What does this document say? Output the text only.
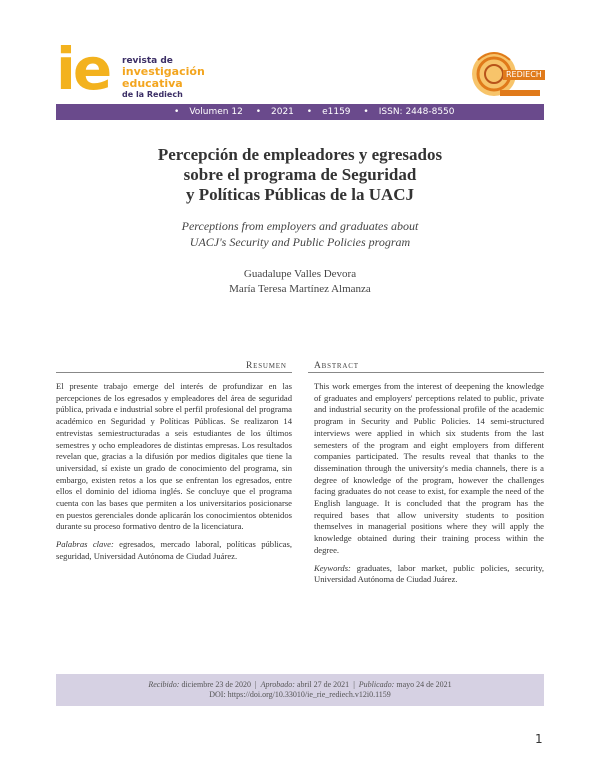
ie revista de
investigación
educativa
de la Rediech
REDIECH
• Volumen 12 • 2021 • e1159 • ISSN: 2448-8550
Percepción de empleadores y egresados
sobre el programa de Seguridad
y Políticas Públicas de la UACJ
Perceptions from employers and graduates about
UACJ's Security and Public Policies program
Guadalupe Valles Devora
María Teresa Martínez Almanza
Resumen
El presente trabajo emerge del interés de profundizar en las percepciones de los egresados y empleadores del área de seguridad pública, privada e industrial sobre el perfil profesional del programa académico en Seguridad y Políticas Públicas. Se realizaron 14 entrevistas semiestructuradas a seis estudiantes de los últimos semestres y ocho empleadores de distintas empresas. Los resultados revelan que, gracias a la difusión por medios digitales que tiene la universidad, sí existe un grado de conocimiento del programa, sin embargo, existen retos a los que se enfrentan los egresados, entre ellos el dominio del idioma inglés. Se concluye que el programa cuenta con las bases que permiten a los universitarios posicionarse en puestos gerenciales donde aplicarán los conocimientos obtenidos durante su proceso formativo dentro de la licenciatura.
Palabras clave: egresados, mercado laboral, políticas públicas, seguridad, Universidad Autónoma de Ciudad Juárez.
Abstract
This work emerges from the interest of deepening the knowledge of graduates and employers' perceptions related to public, private and industrial security on the professional profile of the academic program in Security and Public Policies. 14 semi-structured interviews were applied in which six students from the last semesters of the program and eight employers from different companies participated. The results reveal that thanks to the dissemination through the university's media channels, there is a degree of knowledge of the program, however the challenges facing graduates do not cease to exist, for example the need of the English language. It is concluded that the program has the required bases that allow university students to position themselves in managerial positions where they will apply the knowledge obtained during their training process within the degree.
Keywords: graduates, labor market, public policies, security, Universidad Autónoma de Ciudad Juárez.
Recibido: diciembre 23 de 2020  |  Aprobado: abril 27 de 2021  |  Publicado: mayo 24 de 2021
DOI: https://doi.org/10.33010/ie_rie_rediech.v12i0.1159
1
